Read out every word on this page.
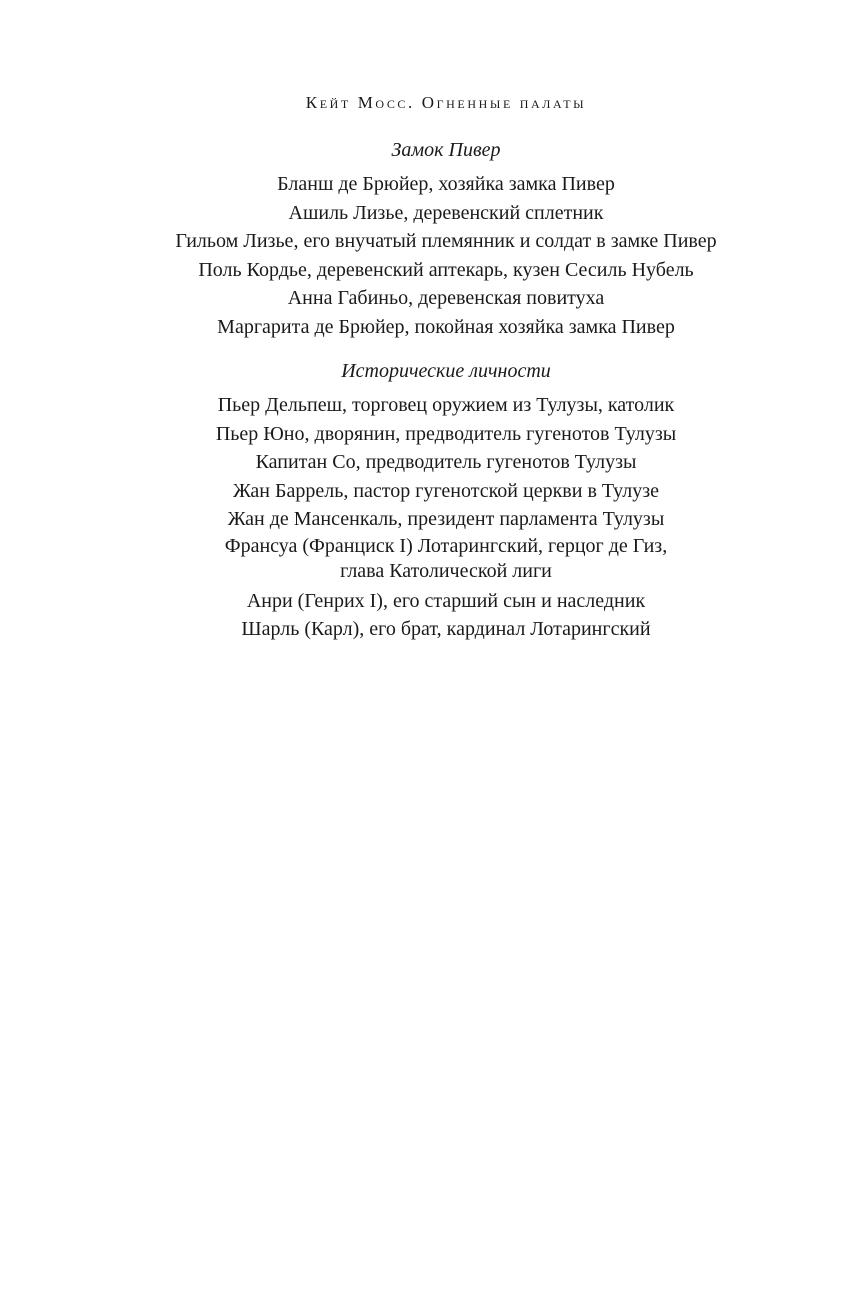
Кейт Мосс. Огненные палаты
Замок Пивер
Бланш де Брюйер, хозяйка замка Пивер
Ашиль Лизье, деревенский сплетник
Гильом Лизье, его внучатый племянник и солдат в замке Пивер
Поль Кордье, деревенский аптекарь, кузен Сесиль Нубель
Анна Габиньо, деревенская повитуха
Маргарита де Брюйер, покойная хозяйка замка Пивер
Исторические личности
Пьер Дельпеш, торговец оружием из Тулузы, католик
Пьер Юно, дворянин, предводитель гугенотов Тулузы
Капитан Со, предводитель гугенотов Тулузы
Жан Баррель, пастор гугенотской церкви в Тулузе
Жан де Мансенкаль, президент парламента Тулузы
Франсуа (Франциск I) Лотарингский, герцог де Гиз,
глава Католической лиги
Анри (Генрих I), его старший сын и наследник
Шарль (Карл), его брат, кардинал Лотарингский
